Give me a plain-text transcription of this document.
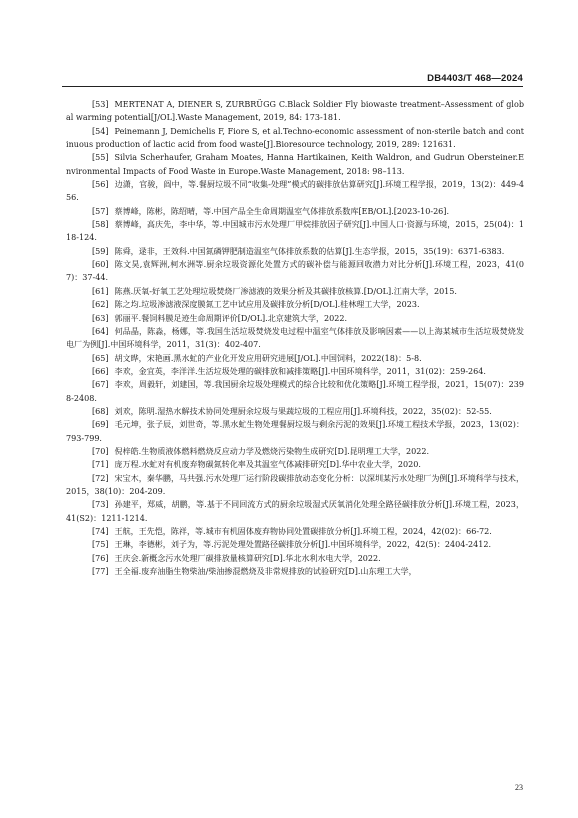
DB4403/T 468—2024

[53] MERTENAT A, DIENER S, ZURBRÜGG C.Black Soldier Fly biowaste treatment–Assessment of global warming potential[J/OL].Waste Management, 2019, 84: 173-181.

[54] Peinemann J, Demichelis F, Fiore S, et al.Techno-economic assessment of non-sterile batch and continuous production of lactic acid from food waste[J].Bioresource technology, 2019, 289: 121631.

[55] Silvia Scherhaufer, Graham Moates, Hanna Hartikainen, Keith Waldron, and Gudrun Obersteiner.Environmental Impacts of Food Waste in Europe.Waste Management, 2018: 98–113.

[56] 边潇，官骏，阎中，等.餐厨垃圾不同“收集-处理”模式的碳排放估算研究[J].环境工程学报，2019，13(2)：449-456.

[57] 蔡博峰，陈彬，陈绍晴，等.中国产品全生命周期温室气体排放系数库[EB/OL].[2023-10-26].

[58] 蔡博峰，高庆先，李中华，等.中国城市污水处理厂甲烷排放因子研究[J].中国人口·资源与环境，2015，25(04)：118-124.

[59] 陈舜，逯非，王效科.中国氮磷钾肥制造温室气体排放系数的估算[J].生态学报，2015，35(19)：6371-6383.

[60] 陈文昊,袁辉洲,柯水洲等.厨余垃圾资源化处置方式的碳补偿与能源回收潜力对比分析[J].环境工程，2023，41(07)：37-44.

[61] 陈燕.厌氧-好氧工艺处理垃圾焚烧厂渗滤液的效果分析及其碳排放核算.[D/OL].江南大学，2015.

[62] 陈之均.垃圾渗滤液深度膜氮工艺中试应用及碳排放分析[D/OL].桂林理工大学，2023.

[63] 郭丽平.餐饲料膜足迹生命周期评价[D/OL].北京建筑大学，2022.

[64] 何品晶，陈淼，杨娜，等.我国生活垃圾焚烧发电过程中温室气体排放及影响因素——以上海某城市生活垃圾焚烧发电厂为例[J].中国环境科学，2011，31(3)：402-407.

[65] 胡文晔，宋艳画.黑水虻的产业化开发应用研究进展[J/OL].中国饲料，2022(18)：5-8.

[66] 李欢，金宜英，李洋洋.生活垃圾处理的碳排放和减排策略[J].中国环境科学，2011，31(02)：259-264.

[67] 李欢，周毅轩，刘建国，等.我国厨余垃圾处理模式的综合比较和优化策略[J].环境工程学报，2021，15(07)：2398-2408.

[68] 刘欢，陈明.湿热水解技术协同处理厨余垃圾与果蔬垃圾的工程应用[J].环境科技，2022，35(02)：52-55.

[69] 毛元坤，张子辰，刘世奇，等.黑水虻生物处理餐厨垃圾与剩余污泥的效果[J].环境工程技术学报，2023，13(02)：793-799.

[70] 倪梓皓.生物质液体燃料燃烧反应动力学及燃烧污染物生成研究[D].昆明理工大学，2022.

[71] 庞万程.水虻对有机废弃物碳氮转化率及其温室气体减排研究[D].华中农业大学，2020.

[72] 宋宝木，秦华鹏，马共强.污水处理厂运行阶段碳排放动态变化分析：以深圳某污水处理厂为例[J].环境科学与技术，2015，38(10)：204-209.

[73] 孙建平，郑威，胡鹏，等.基于不同回流方式的厨余垃圾湿式厌氧消化处理全路径碳排放分析[J].环境工程，2023，41(S2)：1211-1214.

[74] 王航，王先恺，陈祥，等.城市有机固体废弃物协同处置碳排放分析[J].环境工程，2024，42(02)：66-72.

[75] 王琳，李德彬，刘子为，等.污泥处理处置路径碳排放分析[J].中国环境科学，2022，42(5)：2404-2412.

[76] 王庆会.新概念污水处理厂碳排放量核算研究[D].华北水利水电大学，2022.

[77] 王全福.废弃油脂生物柴油/柴油掺混燃烧及非常规排放的试验研究[D].山东理工大学，

23
